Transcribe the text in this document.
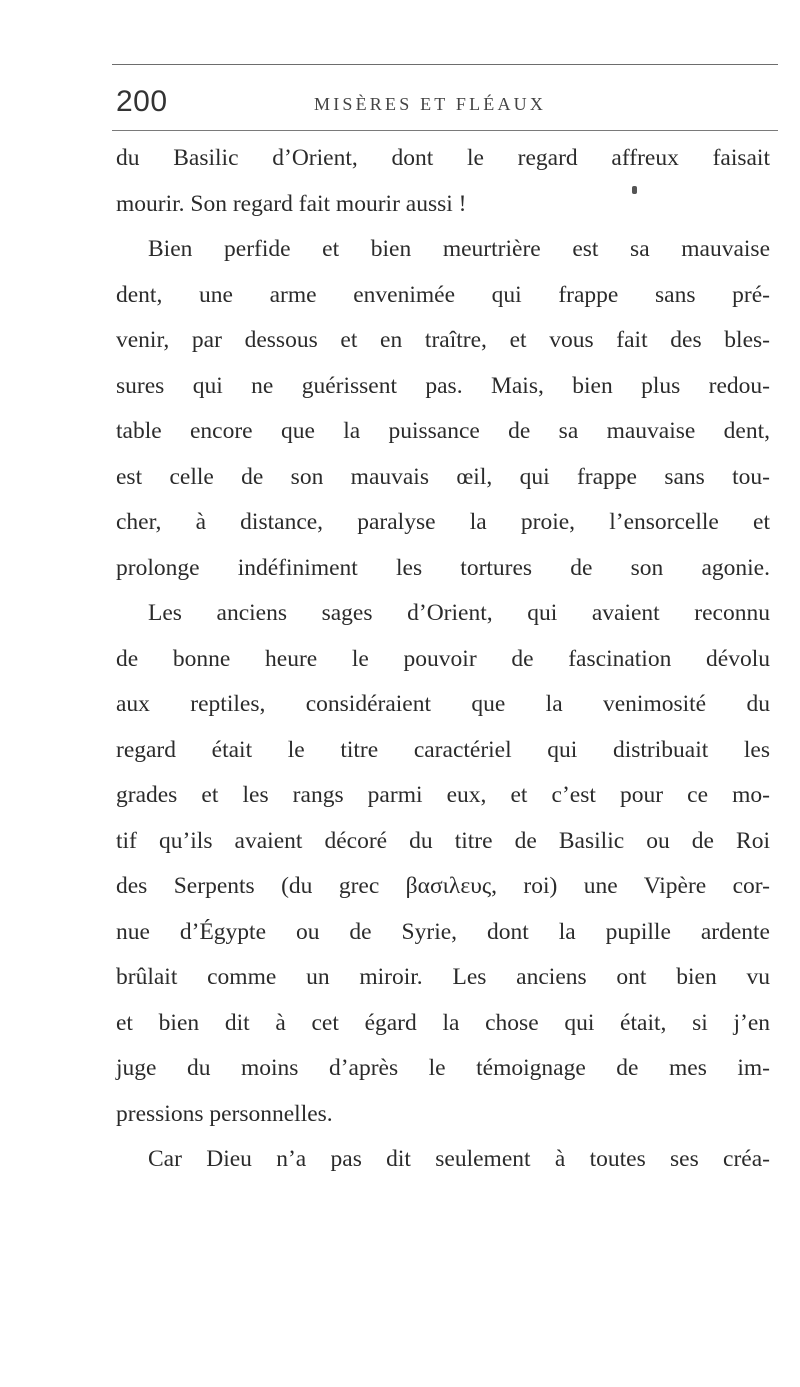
200	MISÈRES ET FLÉAUX
du Basilic d’Orient, dont le regard affreux faisait
mourir. Son regard fait mourir aussi !
Bien perfide et bien meurtrière est sa mauvaise
dent, une arme envenimée qui frappe sans pré-
venir, par dessous et en traître, et vous fait des bles-
sures qui ne guérissent pas. Mais, bien plus redou-
table encore que la puissance de sa mauvaise dent,
est celle de son mauvais œil, qui frappe sans tou-
cher, à distance, paralyse la proie, l’ensorcelle et
prolonge indéfiniment les tortures de son agonie.
Les anciens sages d’Orient, qui avaient reconnu
de bonne heure le pouvoir de fascination dévolu
aux reptiles, considéraient que la venimosité du
regard était le titre caractériel qui distribuait les
grades et les rangs parmi eux, et c’est pour ce mo-
tif qu’ils avaient décoré du titre de Basilic ou de Roi
des Serpents (du grec βασιλευς, roi) une Vipère cor-
nue d’Égypte ou de Syrie, dont la pupille ardente
brûlait comme un miroir. Les anciens ont bien vu
et bien dit à cet égard la chose qui était, si j’en
juge du moins d’après le témoignage de mes im-
pressions personnelles.
Car Dieu n’a pas dit seulement à toutes ses créa-
